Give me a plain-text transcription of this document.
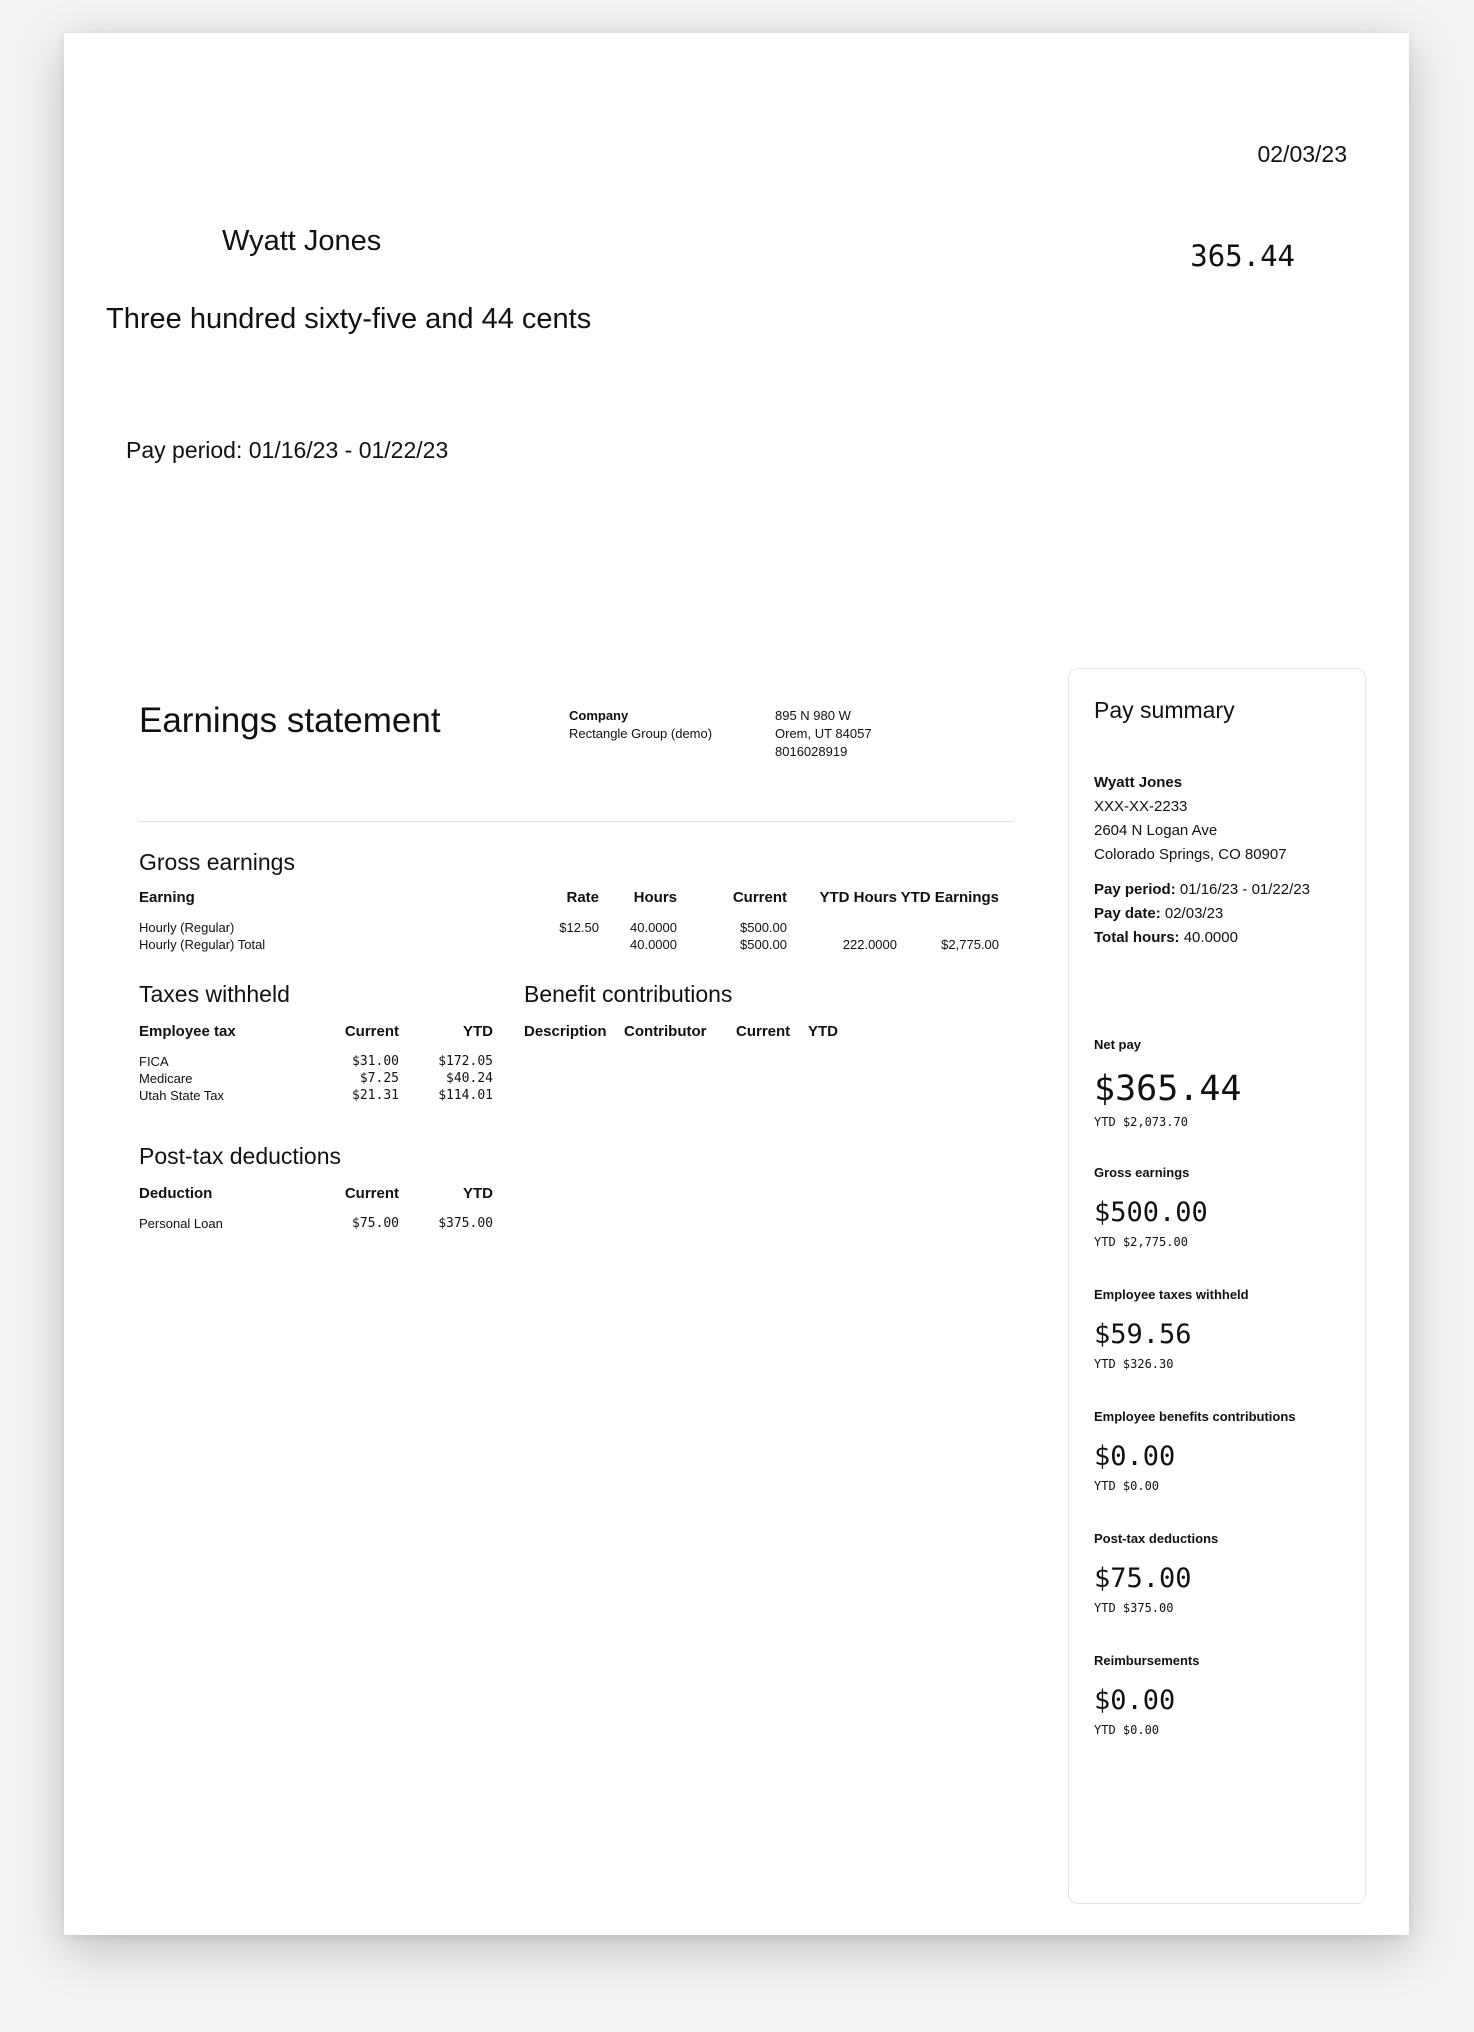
02/03/23
Wyatt Jones	365.44
Three hundred sixty-five and 44 cents
Pay period: 01/16/23 - 01/22/23
Earnings statement	Company
Rectangle Group (demo)
895 N 980 W
Orem, UT 84057
8016028919
Gross earnings
Earning	Rate	Hours	Current	YTD Hours	YTD Earnings

Hourly (Regular)	$12.50	40.0000	$500.00		
Hourly (Regular) Total		40.0000	$500.00	222.0000	$2,775.00
Taxes withheld
Employee tax	Current	YTD

FICA	$31.00	$172.05
Medicare	$7.25	$40.24
Utah State Tax	$21.31	$114.01
Benefit contributions
Description	Contributor	Current	YTD
Post-tax deductions
Deduction	Current	YTD

Personal Loan	$75.00	$375.00
Pay summary
Wyatt Jones
XXX-XX-2233
2604 N Logan Ave
Colorado Springs, CO 80907
Pay period: 01/16/23 - 01/22/23
Pay date: 02/03/23
Total hours: 40.0000
Net pay
$365.44
YTD $2,073.70
Gross earnings
$500.00
YTD $2,775.00
Employee taxes withheld
$59.56
YTD $326.30
Employee benefits contributions
$0.00
YTD $0.00
Post-tax deductions
$75.00
YTD $375.00
Reimbursements
$0.00
YTD $0.00
